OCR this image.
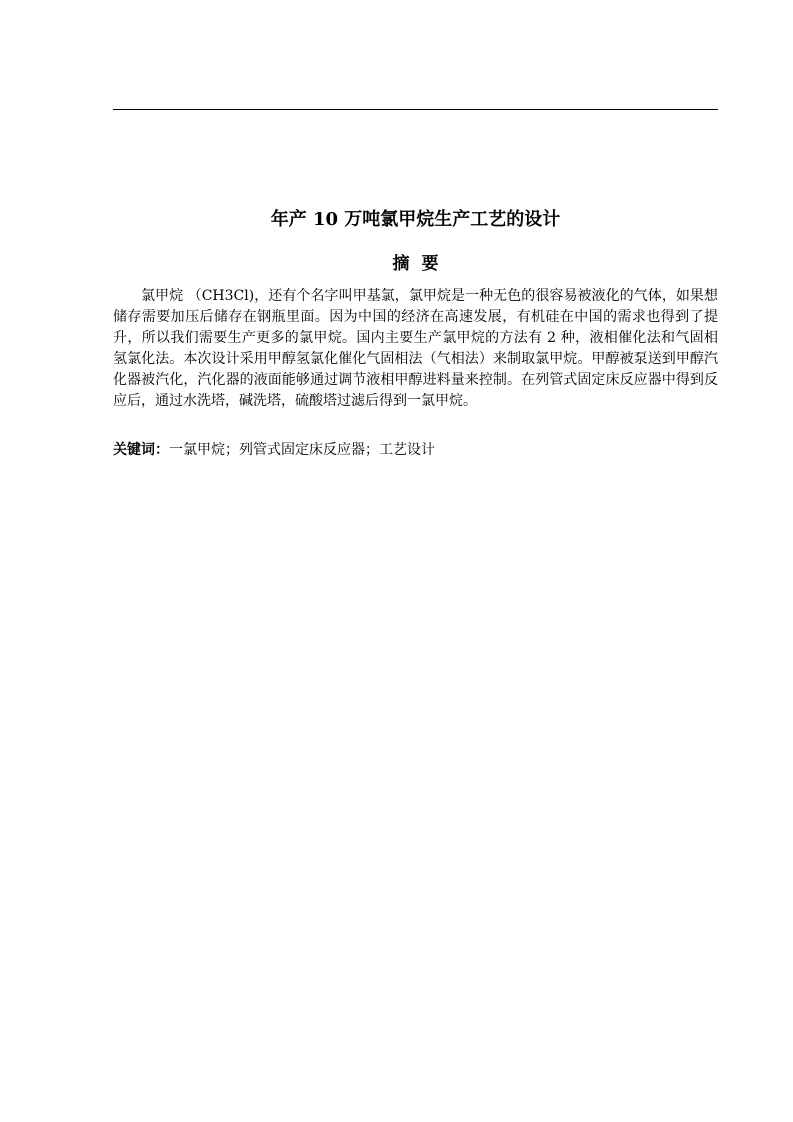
年产 10 万吨氯甲烷生产工艺的设计
摘要

氯甲烷 （CH3Cl)，还有个名字叫甲基氯，氯甲烷是一种无色的很容易被液化的气体，如果想储存需要加压后储存在钢瓶里面。因为中国的经济在高速发展，有机硅在中国的需求也得到了提升，所以我们需要生产更多的氯甲烷。国内主要生产氯甲烷的方法有 2 种，液相催化法和气固相氢氯化法。本次设计采用甲醇氢氯化催化气固相法（气相法）来制取氯甲烷。甲醇被泵送到甲醇汽化器被汽化，汽化器的液面能够通过调节液相甲醇进料量来控制。在列管式固定床反应器中得到反应后，通过水洗塔，碱洗塔，硫酸塔过滤后得到一氯甲烷。

关键词：一氯甲烷；列管式固定床反应器；工艺设计
